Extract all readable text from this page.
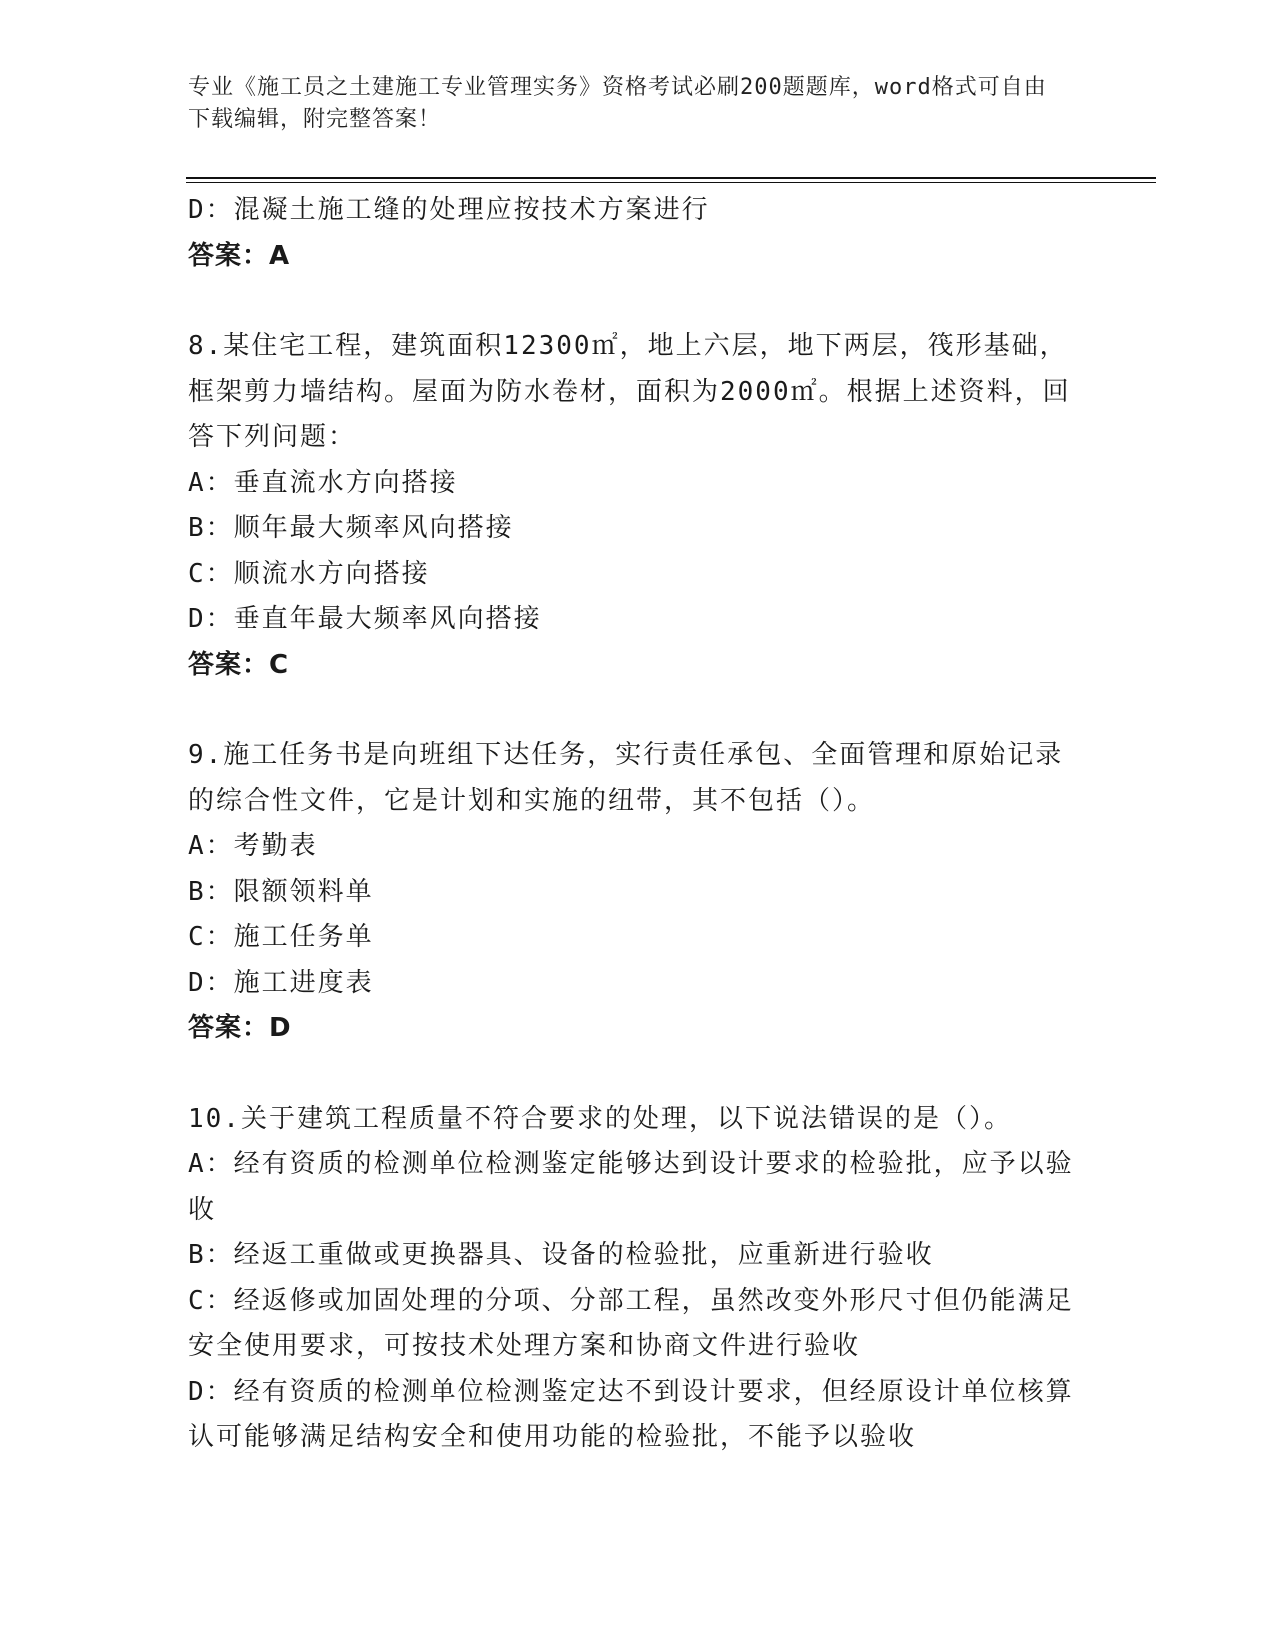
专业《施工员之土建施工专业管理实务》资格考试必刷200题题库，word格式可自由下载编辑，附完整答案！
D：混凝土施工缝的处理应按技术方案进行
答案：A
8.某住宅工程，建筑面积12300㎡，地上六层，地下两层，筏形基础，框架剪力墙结构。屋面为防水卷材，面积为2000㎡。根据上述资料，回答下列问题：
A：垂直流水方向搭接
B：顺年最大频率风向搭接
C：顺流水方向搭接
D：垂直年最大频率风向搭接
答案：C
9.施工任务书是向班组下达任务，实行责任承包、全面管理和原始记录的综合性文件，它是计划和实施的纽带，其不包括（）。
A：考勤表
B：限额领料单
C：施工任务单
D：施工进度表
答案：D
10.关于建筑工程质量不符合要求的处理，以下说法错误的是（）。
A：经有资质的检测单位检测鉴定能够达到设计要求的检验批，应予以验收
B：经返工重做或更换器具、设备的检验批，应重新进行验收
C：经返修或加固处理的分项、分部工程，虽然改变外形尺寸但仍能满足安全使用要求，可按技术处理方案和协商文件进行验收
D：经有资质的检测单位检测鉴定达不到设计要求，但经原设计单位核算认可能够满足结构安全和使用功能的检验批，不能予以验收
